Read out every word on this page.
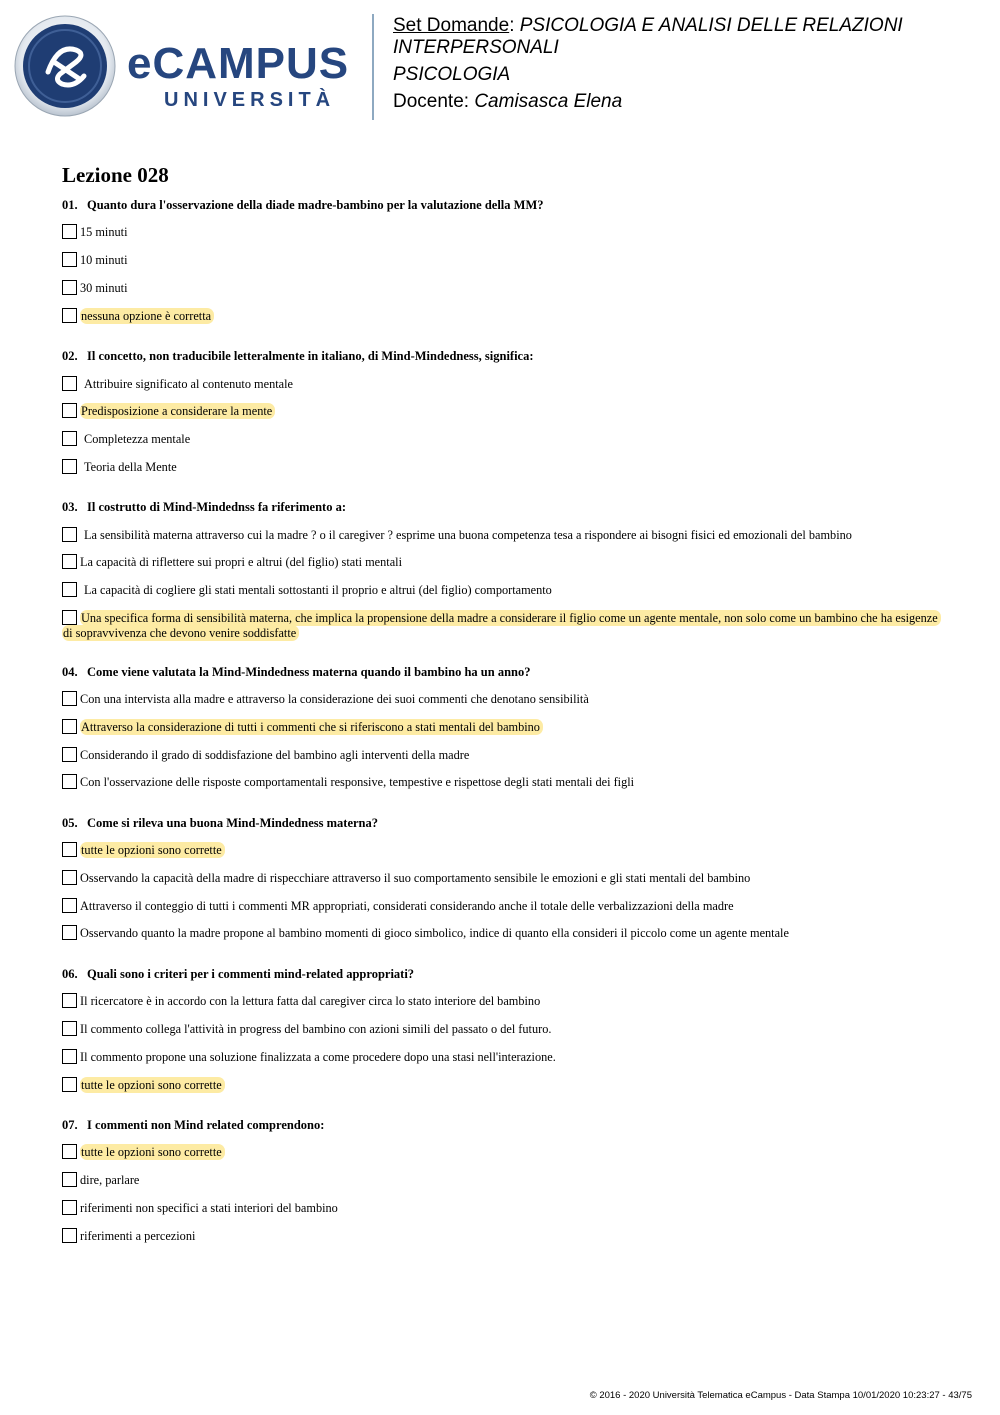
eCAMPUS
UNIVERSITÀ
Set Domande: PSICOLOGIA E ANALISI DELLE RELAZIONI INTERPERSONALI
PSICOLOGIA
Docente: Camisasca Elena
Lezione 028
01. Quanto dura l'osservazione della diade madre-bambino per la valutazione della MM?
15 minuti
10 minuti
30 minuti
nessuna opzione è corretta
02. Il concetto, non traducibile letteralmente in italiano, di Mind-Mindedness, significa:
Attribuire significato al contenuto mentale
Predisposizione a considerare la mente
Completezza mentale
Teoria della Mente
03. Il costrutto di Mind-Mindednss fa riferimento a:
La sensibilità materna attraverso cui la madre ? o il caregiver ? esprime una buona competenza tesa a rispondere ai bisogni fisici ed emozionali del bambino
La capacità di riflettere sui propri e altrui (del figlio) stati mentali
La capacità di cogliere gli stati mentali sottostanti il proprio e altrui (del figlio) comportamento
Una specifica forma di sensibilità materna, che implica la propensione della madre a considerare il figlio come un agente mentale, non solo come un bambino che ha esigenze di sopravvivenza che devono venire soddisfatte
04. Come viene valutata la Mind-Mindedness materna quando il bambino ha un anno?
Con una intervista alla madre e attraverso la considerazione dei suoi commenti che denotano sensibilità
Attraverso la considerazione di tutti i commenti che si riferiscono a stati mentali del bambino
Considerando il grado di soddisfazione del bambino agli interventi della madre
Con l'osservazione delle risposte comportamentali responsive, tempestive e rispettose degli stati mentali dei figli
05. Come si rileva una buona Mind-Mindedness materna?
tutte le opzioni sono corrette
Osservando la capacità della madre di rispecchiare attraverso il suo comportamento sensibile le emozioni e gli stati mentali del bambino
Attraverso il conteggio di tutti i commenti MR appropriati, considerati considerando anche il totale delle verbalizzazioni della madre
Osservando quanto la madre propone al bambino momenti di gioco simbolico, indice di quanto ella consideri il piccolo come un agente mentale
06. Quali sono i criteri per i commenti mind-related appropriati?
Il ricercatore è in accordo con la lettura fatta dal caregiver circa lo stato interiore del bambino
Il commento collega l'attività in progress del bambino con azioni simili del passato o del futuro.
Il commento propone una soluzione finalizzata a come procedere dopo una stasi nell'interazione.
tutte le opzioni sono corrette
07. I commenti non Mind related comprendono:
tutte le opzioni sono corrette
dire, parlare
riferimenti non specifici a stati interiori del bambino
riferimenti a percezioni
© 2016 - 2020 Università Telematica eCampus - Data Stampa 10/01/2020 10:23:27 - 43/75
